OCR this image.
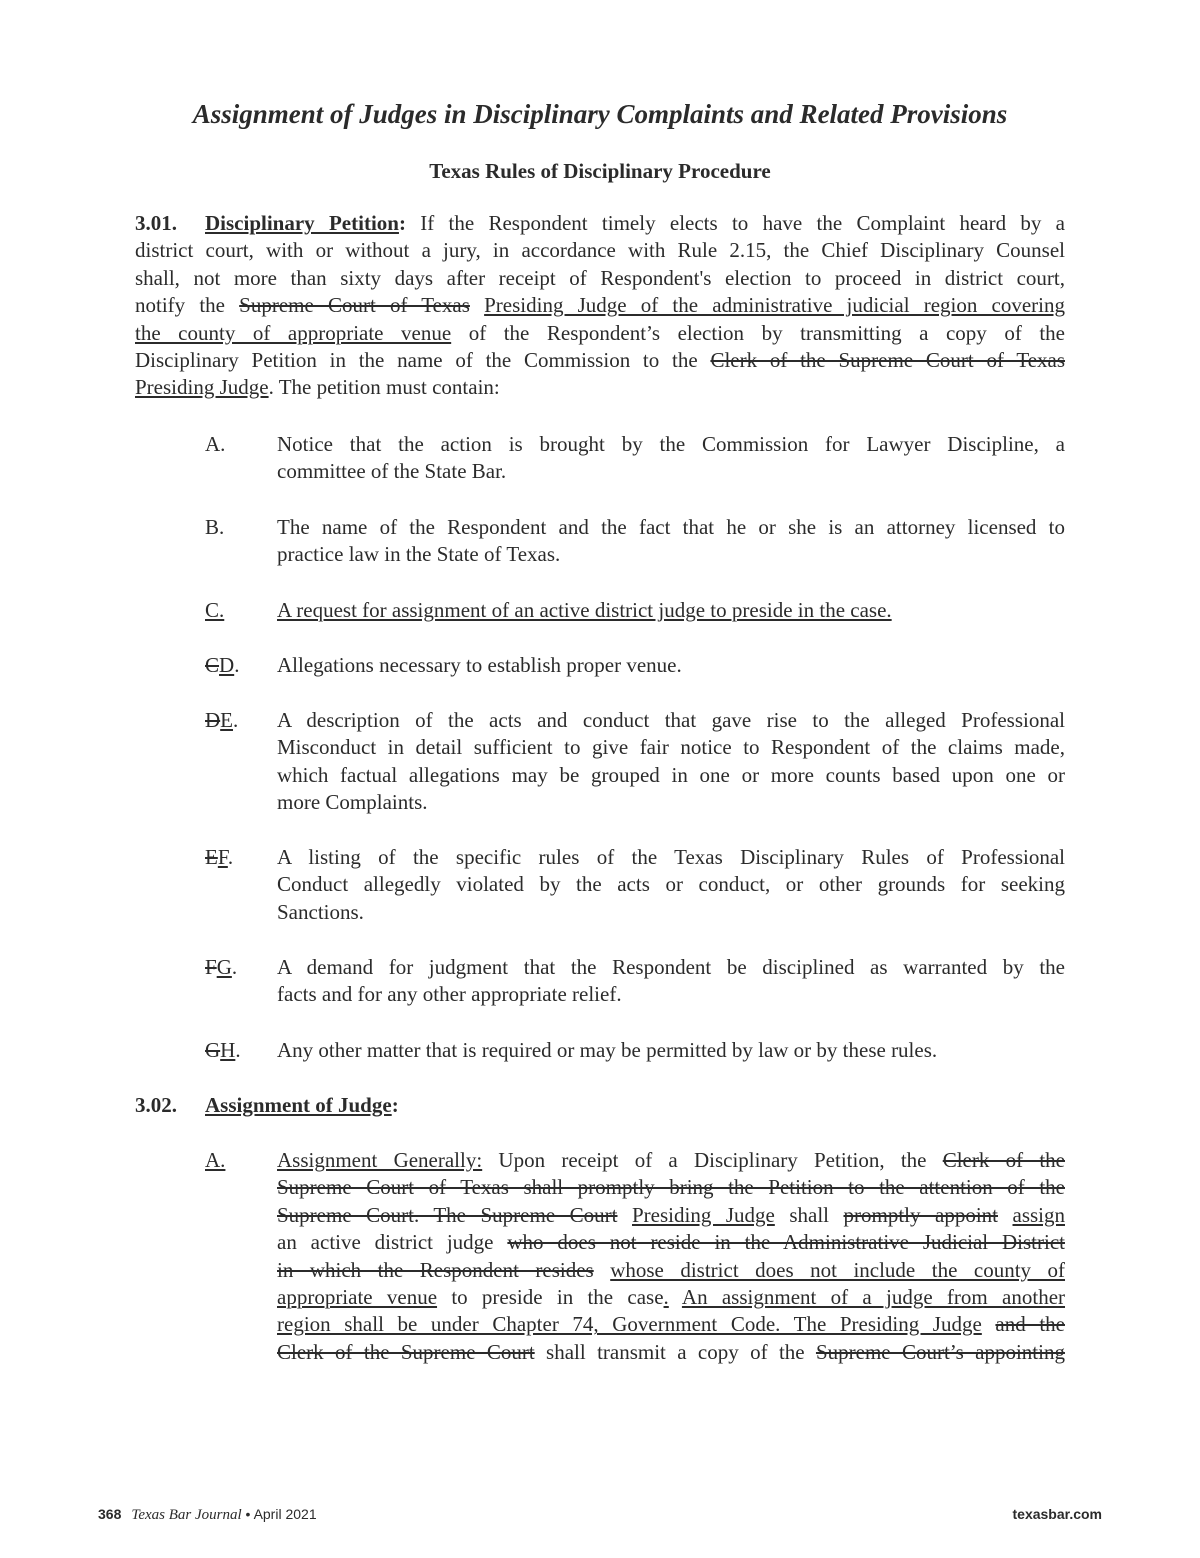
Assignment of Judges in Disciplinary Complaints and Related Provisions
Texas Rules of Disciplinary Procedure
3.01. Disciplinary Petition: If the Respondent timely elects to have the Complaint heard by a
district court, with or without a jury, in accordance with Rule 2.15, the Chief Disciplinary Counsel
shall, not more than sixty days after receipt of Respondent's election to proceed in district court,
notify the Supreme Court of Texas Presiding Judge of the administrative judicial region covering
the county of appropriate venue of the Respondent’s election by transmitting a copy of the
Disciplinary Petition in the name of the Commission to the Clerk of the Supreme Court of Texas
Presiding Judge. The petition must contain:
A. Notice that the action is brought by the Commission for Lawyer Discipline, a
committee of the State Bar.
B.	The name of the Respondent and the fact that he or she is an attorney licensed to
practice law in the State of Texas.
C.	A request for assignment of an active district judge to preside in the case.
CD. Allegations necessary to establish proper venue.
DE. A description of the acts and conduct that gave rise to the alleged Professional
Misconduct in detail sufficient to give fair notice to Respondent of the claims made,
which factual allegations may be grouped in one or more counts based upon one or
more Complaints.
EF. A listing of the specific rules of the Texas Disciplinary Rules of Professional
Conduct allegedly violated by the acts or conduct, or other grounds for seeking
Sanctions.
FG. A demand for judgment that the Respondent be disciplined as warranted by the
facts and for any other appropriate relief.
GH. Any other matter that is required or may be permitted by law or by these rules.
3.02. Assignment of Judge:
A. Assignment Generally: Upon receipt of a Disciplinary Petition, the Clerk of the
Supreme Court of Texas shall promptly bring the Petition to the attention of the
Supreme Court. The Supreme Court Presiding Judge shall promptly appoint assign
an active district judge who does not reside in the Administrative Judicial District
in which the Respondent resides whose district does not include the county of
appropriate venue to preside in the case. An assignment of a judge from another
region shall be under Chapter 74, Government Code. The Presiding Judge and the
Clerk of the Supreme Court shall transmit a copy of the Supreme Court’s appointing
368 Texas Bar Journal • April 2021	texasbar.com
